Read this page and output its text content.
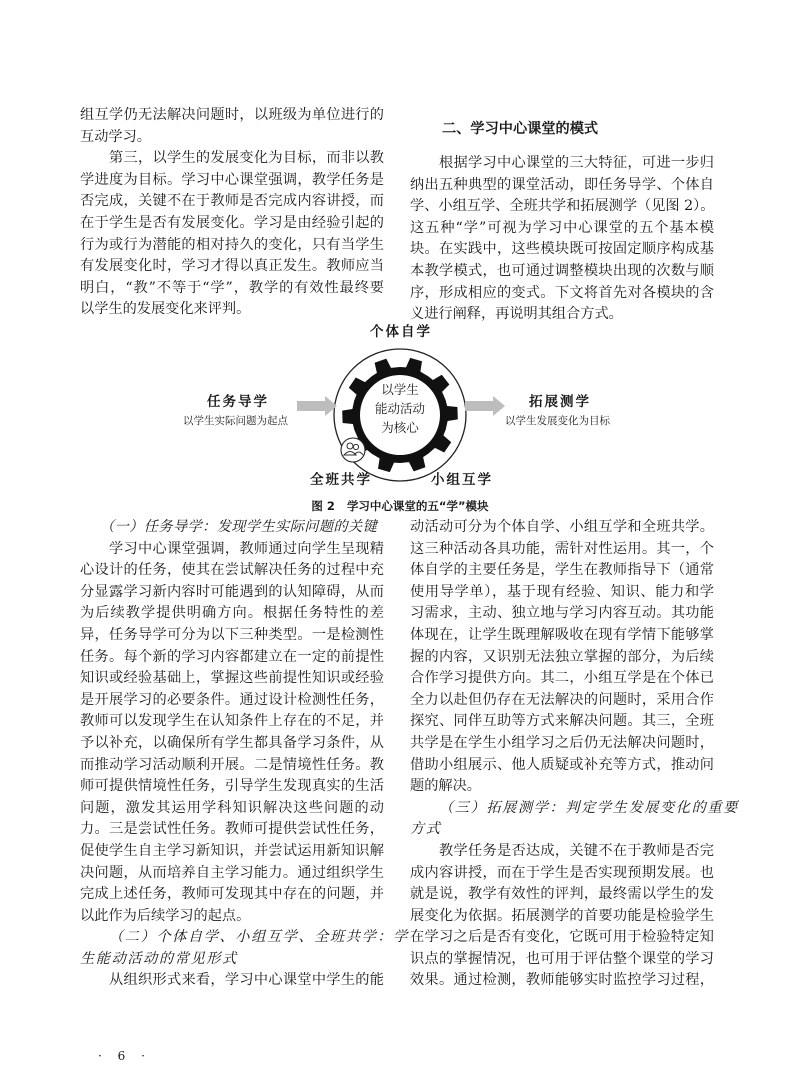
组互学仍无法解决问题时，以班级为单位进行的
互动学习。
第三，以学生的发展变化为目标，而非以教
学进度为目标。学习中心课堂强调，教学任务是
否完成，关键不在于教师是否完成内容讲授，而
在于学生是否有发展变化。学习是由经验引起的
行为或行为潜能的相对持久的变化，只有当学生
有发展变化时，学习才得以真正发生。教师应当
明白，“教”不等于“学”，教学的有效性最终要
以学生的发展变化来评判。
二、学习中心课堂的模式
根据学习中心课堂的三大特征，可进一步归
纳出五种典型的课堂活动，即任务导学、个体自
学、小组互学、全班共学和拓展测学（见图 2）。
这五种“学”可视为学习中心课堂的五个基本模
块。在实践中，这些模块既可按固定顺序构成基
本教学模式，也可通过调整模块出现的次数与顺
序，形成相应的变式。下文将首先对各模块的含
义进行阐释，再说明其组合方式。
以学生
能动活动
为核心
个体自学
任务导学
以学生实际问题为起点
拓展测学
以学生发展变化为目标
全班共学	小组互学
图 2 学习中心课堂的五“学”模块
（一）任务导学：发现学生实际问题的关键
学习中心课堂强调，教师通过向学生呈现精
心设计的任务，使其在尝试解决任务的过程中充
分显露学习新内容时可能遇到的认知障碍，从而
为后续教学提供明确方向。根据任务特性的差
异，任务导学可分为以下三种类型。一是检测性
任务。每个新的学习内容都建立在一定的前提性
知识或经验基础上，掌握这些前提性知识或经验
是开展学习的必要条件。通过设计检测性任务，
教师可以发现学生在认知条件上存在的不足，并
予以补充，以确保所有学生都具备学习条件，从
而推动学习活动顺利开展。二是情境性任务。教
师可提供情境性任务，引导学生发现真实的生活
问题，激发其运用学科知识解决这些问题的动
力。三是尝试性任务。教师可提供尝试性任务，
促使学生自主学习新知识，并尝试运用新知识解
决问题，从而培养自主学习能力。通过组织学生
完成上述任务，教师可发现其中存在的问题，并
以此作为后续学习的起点。
（二）个体自学、小组互学、全班共学：学
生能动活动的常见形式
从组织形式来看，学习中心课堂中学生的能
动活动可分为个体自学、小组互学和全班共学。
这三种活动各具功能，需针对性运用。其一，个
体自学的主要任务是，学生在教师指导下（通常
使用导学单），基于现有经验、知识、能力和学
习需求，主动、独立地与学习内容互动。其功能
体现在，让学生既理解吸收在现有学情下能够掌
握的内容，又识别无法独立掌握的部分，为后续
合作学习提供方向。其二，小组互学是在个体已
全力以赴但仍存在无法解决的问题时，采用合作
探究、同伴互助等方式来解决问题。其三，全班
共学是在学生小组学习之后仍无法解决问题时，
借助小组展示、他人质疑或补充等方式，推动问
题的解决。
（三）拓展测学：判定学生发展变化的重要
方式
教学任务是否达成，关键不在于教师是否完
成内容讲授，而在于学生是否实现预期发展。也
就是说，教学有效性的评判，最终需以学生的发
展变化为依据。拓展测学的首要功能是检验学生
在学习之后是否有变化，它既可用于检验特定知
识点的掌握情况，也可用于评估整个课堂的学习
效果。通过检测，教师能够实时监控学习过程，
· 6 ·
